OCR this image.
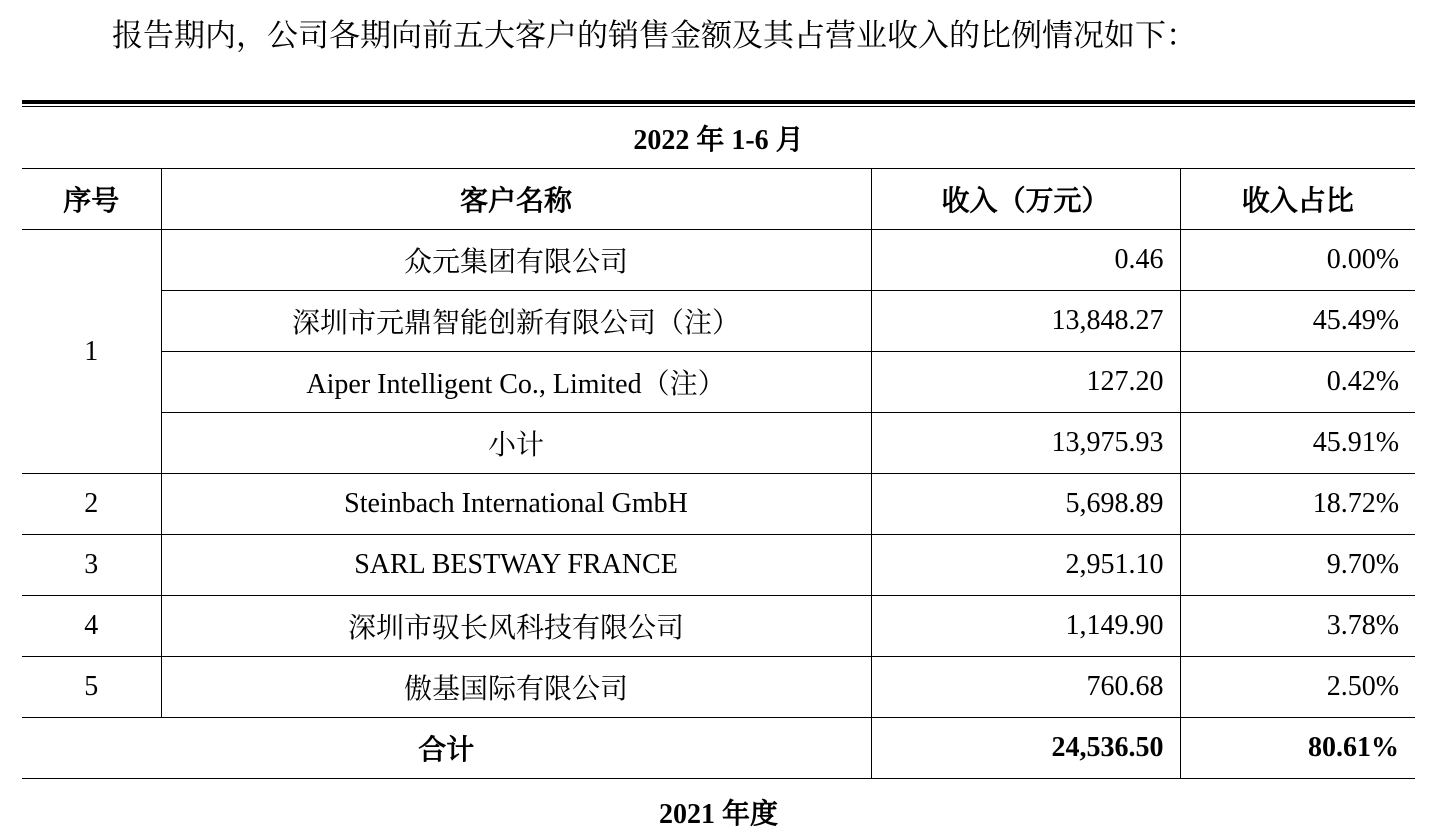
报告期内，公司各期向前五大客户的销售金额及其占营业收入的比例情况如下：
2022 年 1-6 月			
序号	客户名称	收入（万元）	收入占比
1	众元集团有限公司	0.46	0.00%
	深圳市元鼎智能创新有限公司（注）	13,848.27	45.49%
	Aiper Intelligent Co., Limited（注）	127.20	0.42%
	小计	13,975.93	45.91%
2	Steinbach International GmbH	5,698.89	18.72%
3	SARL BESTWAY FRANCE	2,951.10	9.70%
4	深圳市驭长风科技有限公司	1,149.90	3.78%
5	傲基国际有限公司	760.68	2.50%
合计		24,536.50	80.61%
2021 年度
